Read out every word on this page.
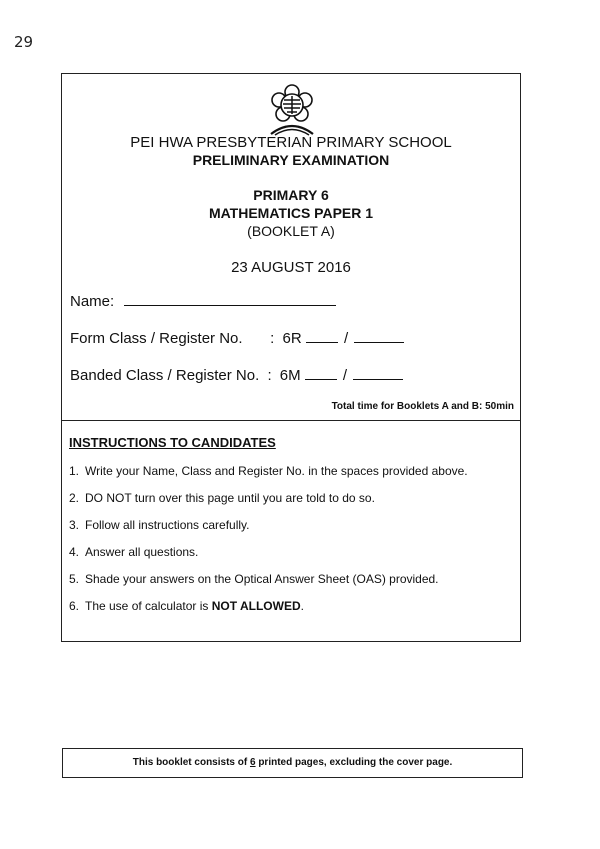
29
PEI HWA PRESBYTERIAN PRIMARY SCHOOL
PRELIMINARY EXAMINATION
PRIMARY 6
MATHEMATICS PAPER 1
(BOOKLET A)
23 AUGUST 2016
Name:
Form Class / Register No. : 6R	/
Banded Class / Register No. : 6M	/
Total time for Booklets A and B: 50min
INSTRUCTIONS TO CANDIDATES
1. Write your Name, Class and Register No. in the spaces provided above.
2. DO NOT turn over this page until you are told to do so.
3. Follow all instructions carefully.
4. Answer all questions.
5. Shade your answers on the Optical Answer Sheet (OAS) provided.
6. The use of calculator is NOT ALLOWED.
This booklet consists of 6 printed pages, excluding the cover page.
